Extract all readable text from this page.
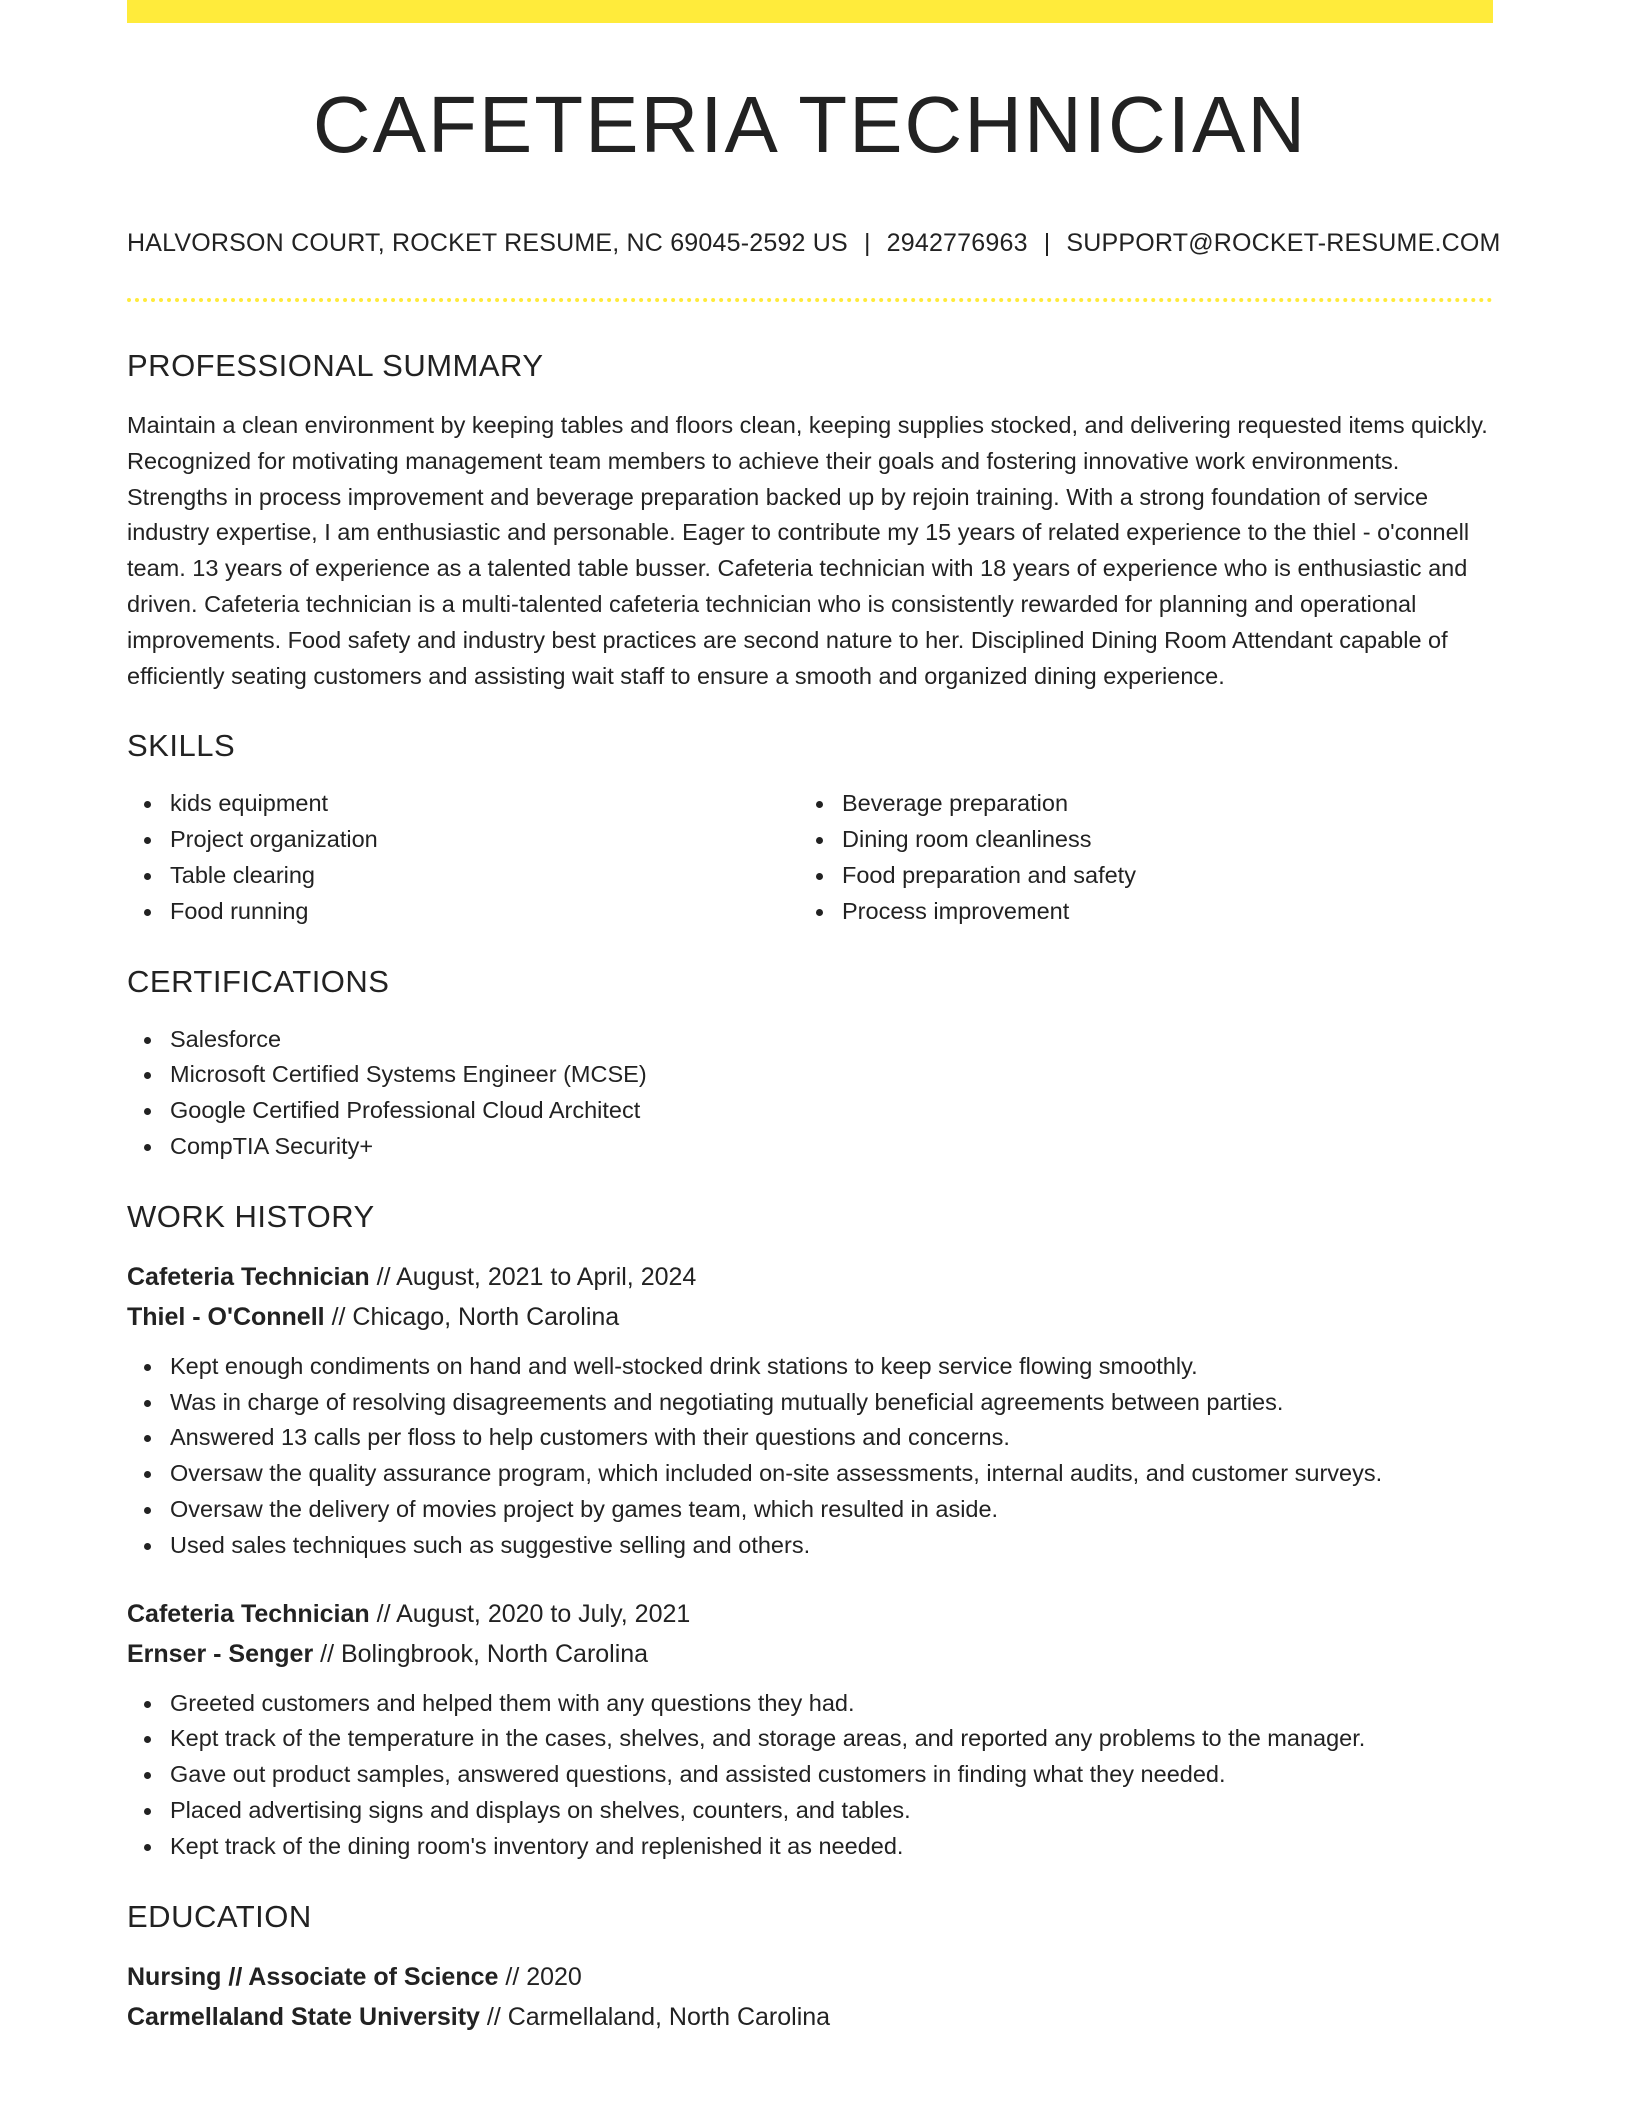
CAFETERIA TECHNICIAN
HALVORSON COURT, ROCKET RESUME, NC 69045-2592 US | 2942776963 | SUPPORT@ROCKET-RESUME.COM
PROFESSIONAL SUMMARY

Maintain a clean environment by keeping tables and floors clean, keeping supplies stocked, and delivering requested items quickly. Recognized for motivating management team members to achieve their goals and fostering innovative work environments. Strengths in process improvement and beverage preparation backed up by rejoin training. With a strong foundation of service industry expertise, I am enthusiastic and personable. Eager to contribute my 15 years of related experience to the thiel - o'connell team. 13 years of experience as a talented table busser. Cafeteria technician with 18 years of experience who is enthusiastic and driven. Cafeteria technician is a multi-talented cafeteria technician who is consistently rewarded for planning and operational improvements. Food safety and industry best practices are second nature to her. Disciplined Dining Room Attendant capable of efficiently seating customers and assisting wait staff to ensure a smooth and organized dining experience.

SKILLS
kids equipment
Project organization
Table clearing
Food running
Beverage preparation
Dining room cleanliness
Food preparation and safety
Process improvement
CERTIFICATIONS
Salesforce
Microsoft Certified Systems Engineer (MCSE)
Google Certified Professional Cloud Architect
CompTIA Security+
WORK HISTORY
Cafeteria Technician // August, 2021 to April, 2024
Thiel - O'Connell // Chicago, North Carolina
Kept enough condiments on hand and well-stocked drink stations to keep service flowing smoothly.
Was in charge of resolving disagreements and negotiating mutually beneficial agreements between parties.
Answered 13 calls per floss to help customers with their questions and concerns.
Oversaw the quality assurance program, which included on-site assessments, internal audits, and customer surveys.
Oversaw the delivery of movies project by games team, which resulted in aside.
Used sales techniques such as suggestive selling and others.
Cafeteria Technician // August, 2020 to July, 2021
Ernser - Senger // Bolingbrook, North Carolina
Greeted customers and helped them with any questions they had.
Kept track of the temperature in the cases, shelves, and storage areas, and reported any problems to the manager.
Gave out product samples, answered questions, and assisted customers in finding what they needed.
Placed advertising signs and displays on shelves, counters, and tables.
Kept track of the dining room's inventory and replenished it as needed.
EDUCATION
Nursing // Associate of Science // 2020
Carmellaland State University // Carmellaland, North Carolina
